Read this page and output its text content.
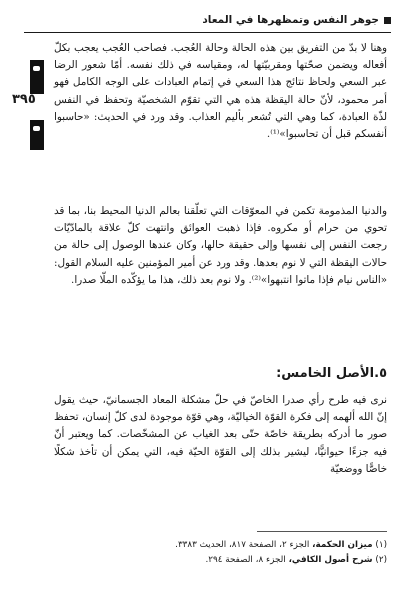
جوهر النفس وتمظهرها في المعاد
٣٩٥
وهنا لا بدّ من التفريق بين هذه الحالة وحالة العُجب. فصاحب العُجب يعجب بكلّ أفعاله ويضمن صحّتها ومقربيّتها له، ومقياسه في ذلك نفسه. أمّا شعور الرضا عبر السعي ولحاظ نتائج هذا السعي في إتمام العبادات على الوجه الكامل فهو أمر محمود، لأنّ حالة اليقظة هذه هي التي تقوّم الشخصيّة وتحفظ في النفس لذّة العبادة، كما وهي التي تُشعر بأليم العذاب. وقد ورد في الحديث: «حاسبوا أنفسكم قبل أن تحاسبوا»⁽¹⁾.
والدنيا المذمومة تكمن في المعوّقات التي تعلّقنا بعالم الدنيا المحيط بنا، بما قد تحوي من حرام أو مكروه. فإذا ذهبت العوائق وانتهت كلّ علاقة بالمادّيّات رجعت النفس إلى نفسها وإلى حقيقة حالها، وكان عندها الوصول إلى حالة من حالات اليقظة التي لا نوم بعدها. وقد ورد عن أمير المؤمنين عليه السلام القول: «الناس نيام فإذا ماتوا انتبهوا»⁽²⁾. ولا نوم بعد ذلك، هذا ما يؤكّده الملّا صدرا.
٥.الأصل الخامس:
نرى فيه طرح رأي صدرا الخاصّ في حلّ مشكلة المعاد الجسمانيّ، حيث يقول إنّ الله ألهمه إلى فكرة القوّة الخياليّة، وهي قوّة موجودة لدى كلّ إنسان، تحفظ صور ما أدركه بطريقة خاصّة حتّى بعد الغياب عن المشخّصات. كما ويعتبر أنّ فيه جزءًا حيوانيًّا، ليشير بذلك إلى القوّة الحيّة فيه، التي يمكن أن تأخذ شكلًا خاصًّا ووضعيّة
(١) ميزان الحكمة، الجزء ٢، الصفحة ٨١٧، الحديث ٣٣٨٣.
(٢) شرح أصول الكافي، الجزء ٨، الصفحة ٢٩٤.
